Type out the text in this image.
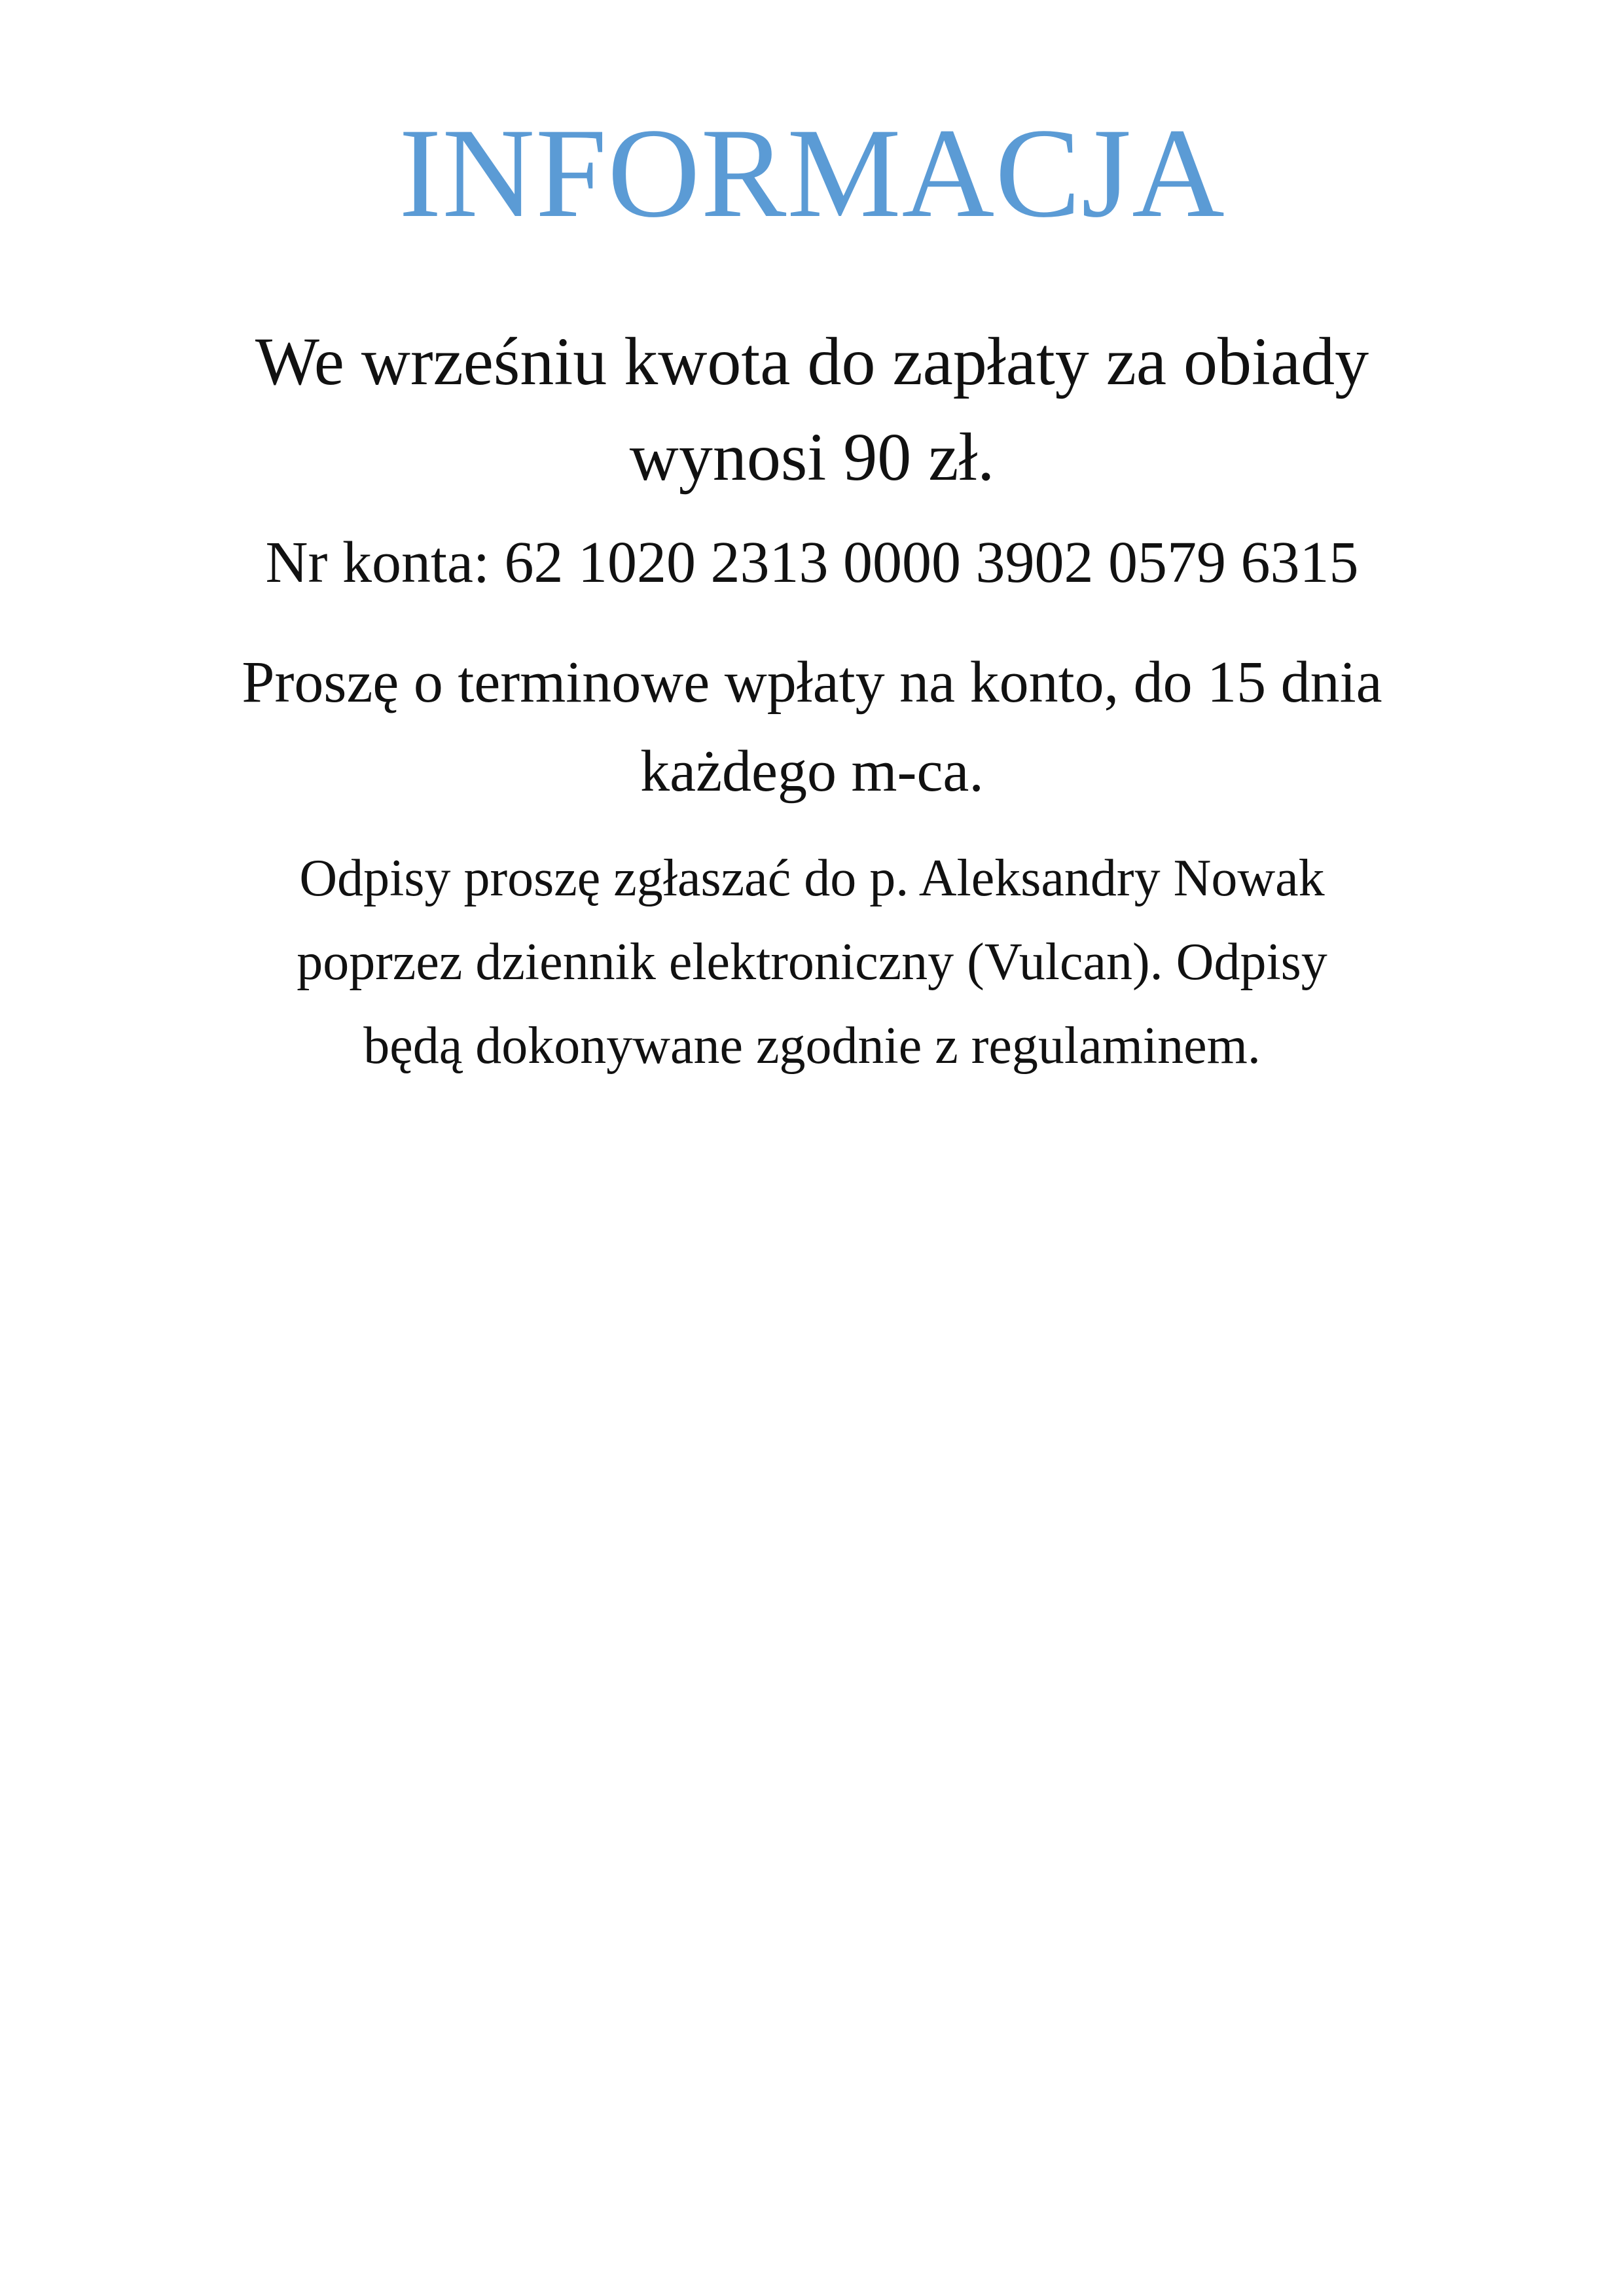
INFORMACJA

We wrześniu kwota do zapłaty za obiady
wynosi 90 zł.

Nr konta: 62 1020 2313 0000 3902 0579 6315

Proszę o terminowe wpłaty na konto, do 15 dnia
każdego m-ca.

Odpisy proszę zgłaszać do p. Aleksandry Nowak
poprzez dziennik elektroniczny (Vulcan). Odpisy
będą dokonywane zgodnie z regulaminem.
